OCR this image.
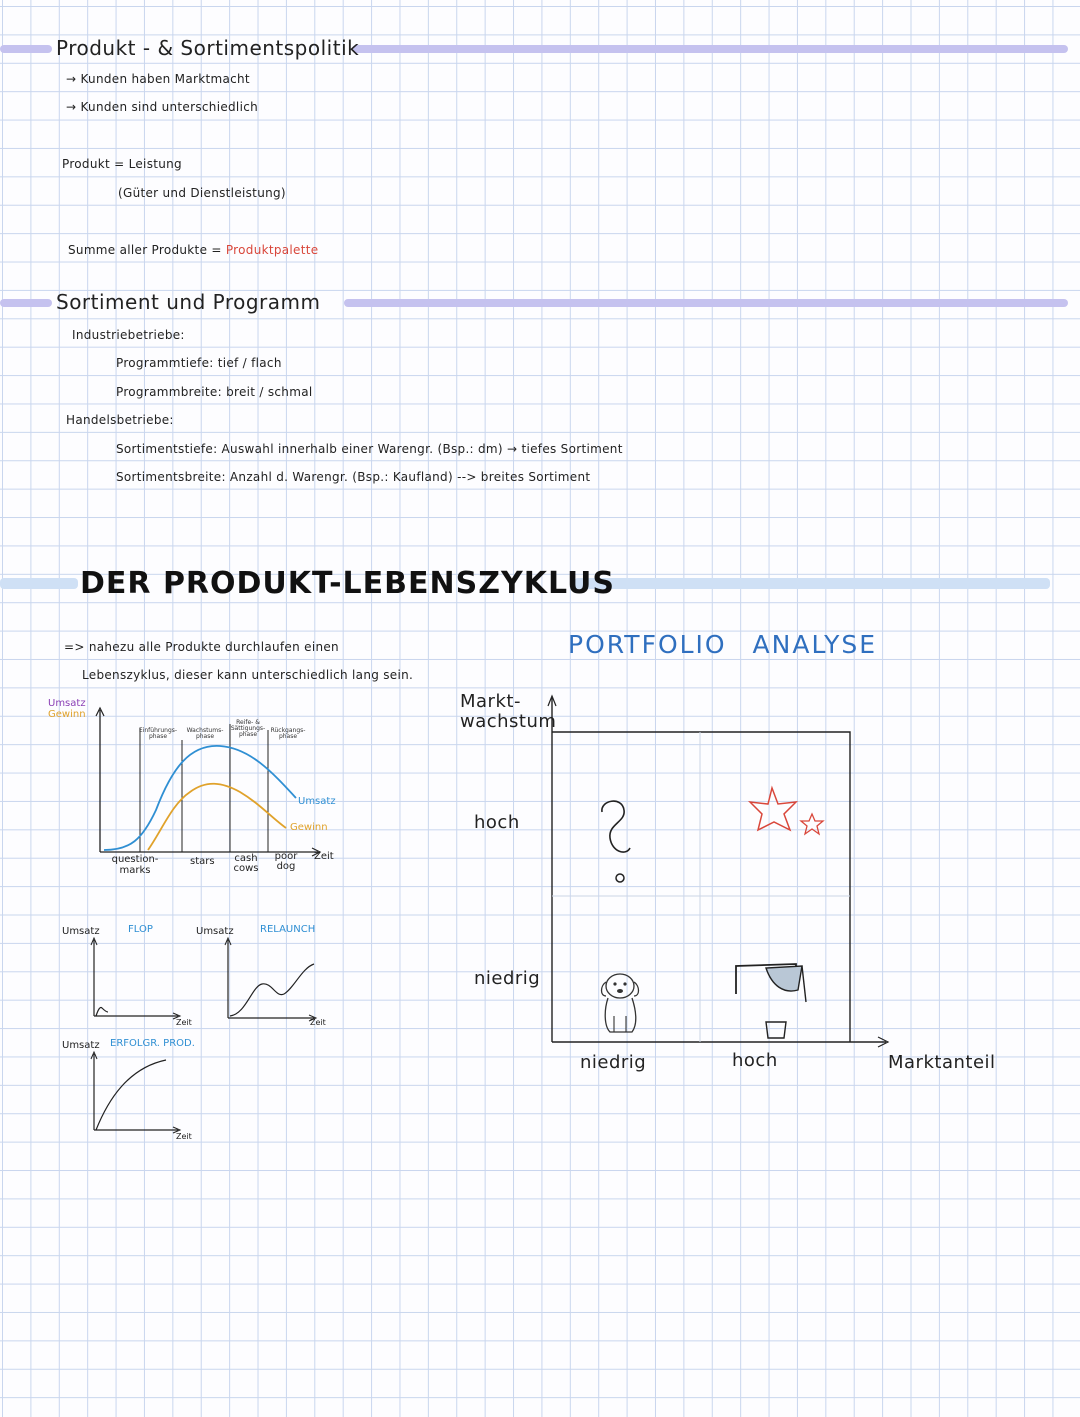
Produkt - & Sortimentspolitik
→ Kunden haben Marktmacht
→ Kunden sind unterschiedlich
Produkt = Leistung
(Güter und Dienstleistung)
Summe aller Produkte = Produktpalette
Sortiment und Programm
Industriebetriebe:
Programmtiefe: tief / flach
Programmbreite: breit / schmal
Handelsbetriebe:
Sortimentstiefe: Auswahl innerhalb einer Warengr. (Bsp.: dm) → tiefes Sortiment
Sortimentsbreite: Anzahl d. Warengr. (Bsp.: Kaufland) --> breites Sortiment
DER PRODUKT-LEBENSZYKLUS
=> nahezu alle Produkte durchlaufen einen
Lebenszyklus, dieser kann unterschiedlich lang sein.
Umsatz
Gewinn
Einführungs-phase
Wachstums-phase
Reife- & Sättigungs-phase
Rückgangs-phase
Umsatz
Gewinn
Zeit
question-marks
stars	cash cows
poor dog
Umsatz	FLOP
Zeit
Umsatz	RELAUNCH
Zeit
Umsatz ERFOLGR. PROD.
Zeit
PORTFOLIO ANALYSE
Markt-wachstum
hoch
niedrig
niedrig	hoch	Marktanteil
